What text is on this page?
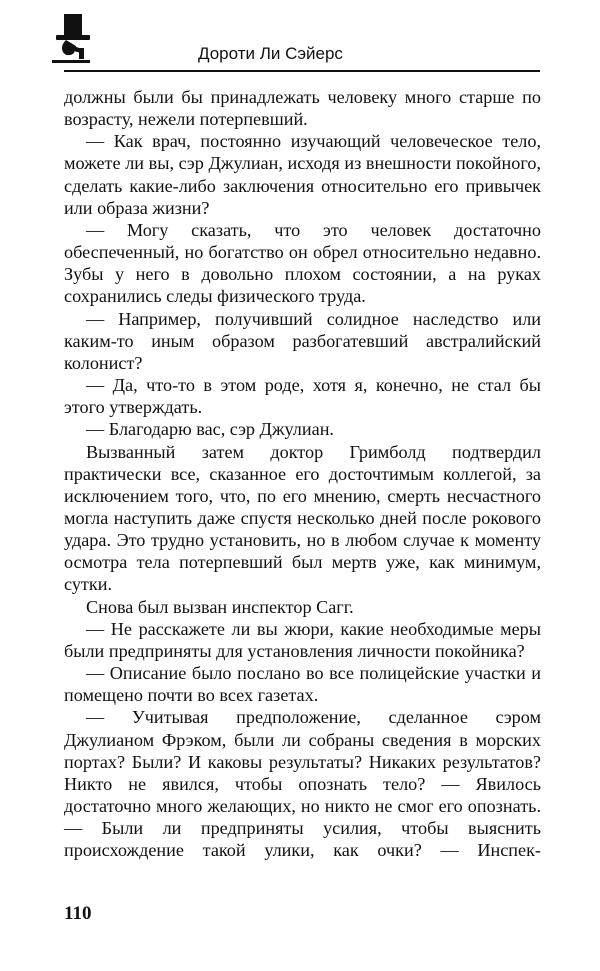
Дороти Ли Сэйерс

должны были бы принадлежать человеку много старше по возрасту, нежели потерпевший.

— Как врач, постоянно изучающий человеческое тело, можете ли вы, сэр Джулиан, исходя из внешности покойного, сделать какие-либо заключения относительно его привычек или образа жизни?

— Могу сказать, что это человек достаточно обеспеченный, но богатство он обрел относительно недавно. Зубы у него в довольно плохом состоянии, а на руках сохранились следы физического труда.

— Например, получивший солидное наследство или каким-то иным образом разбогатевший австралийский колонист?

— Да, что-то в этом роде, хотя я, конечно, не стал бы этого утверждать.

— Благодарю вас, сэр Джулиан.

Вызванный затем доктор Гримболд подтвердил практически все, сказанное его досточтимым коллегой, за исключением того, что, по его мнению, смерть несчастного могла наступить даже спустя несколько дней после рокового удара. Это трудно установить, но в любом случае к моменту осмотра тела потерпевший был мертв уже, как минимум, сутки.

Снова был вызван инспектор Сагг.

— Не расскажете ли вы жюри, какие необходимые меры были предприняты для установления личности покойника?

— Описание было послано во все полицейские участки и помещено почти во всех газетах.

— Учитывая предположение, сделанное сэром Джулианом Фрэком, были ли собраны сведения в морских портах? Были? И каковы результаты? Никаких результатов? Никто не явился, чтобы опознать тело? — Явилось достаточно много желающих, но никто не смог его опознать. — Были ли предприняты усилия, чтобы выяснить происхождение такой улики, как очки? — Инспек-

110
